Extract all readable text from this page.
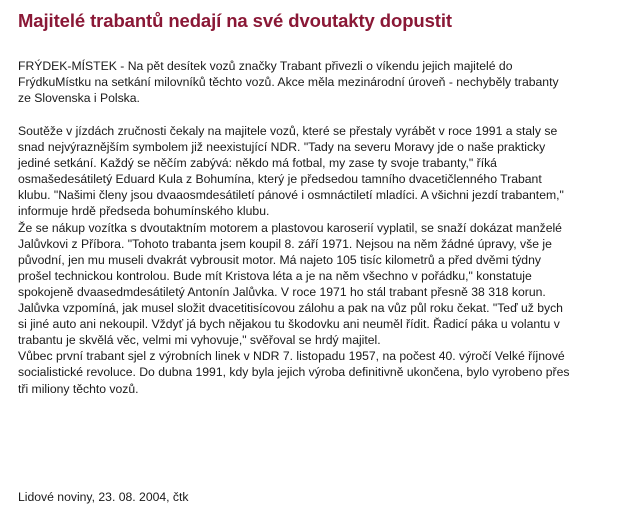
Majitelé trabantů nedají na své dvoutakty dopustit

FRÝDEK-MÍSTEK - Na pět desítek vozů značky Trabant přivezli o víkendu jejich majitelé do
FrýdkuMístku na setkání milovníků těchto vozů. Akce měla mezinárodní úroveň - nechyběly trabanty
ze Slovenska i Polska.

Soutěže v jízdách zručnosti čekaly na majitele vozů, které se přestaly vyrábět v roce 1991 a staly se
snad nejvýraznějším symbolem již neexistující NDR. "Tady na severu Moravy jde o naše prakticky
jediné setkání. Každý se něčím zabývá: někdo má fotbal, my zase ty svoje trabanty," říká
osmašedesátiletý Eduard Kula z Bohumína, který je předsedou tamního dvacetičlenného Trabant
klubu. "Našimi členy jsou dvaaosmdesátiletí pánové i osmnáctiletí mladíci. A všichni jezdí trabantem,"
informuje hrdě předseda bohumínského klubu.
Že se nákup vozítka s dvoutaktním motorem a plastovou karoserií vyplatil, se snaží dokázat manželé
Jalůvkovi z Příbora. "Tohoto trabanta jsem koupil 8. září 1971. Nejsou na něm žádné úpravy, vše je
původní, jen mu museli dvakrát vybrousit motor. Má najeto 105 tisíc kilometrů a před dvěmi týdny
prošel technickou kontrolou. Bude mít Kristova léta a je na něm všechno v pořádku," konstatuje
spokojeně dvaasedmdesátiletý Antonín Jalůvka. V roce 1971 ho stál trabant přesně 38 318 korun.
Jalůvka vzpomíná, jak musel složit dvacetitisícovou zálohu a pak na vůz půl roku čekat. "Teď už bych
si jiné auto ani nekoupil. Vždyť já bych nějakou tu škodovku ani neuměl řídit. Řadicí páka u volantu v
trabantu je skvělá věc, velmi mi vyhovuje," svěřoval se hrdý majitel.
Vůbec první trabant sjel z výrobních linek v NDR 7. listopadu 1957, na počest 40. výročí Velké říjnové
socialistické revoluce. Do dubna 1991, kdy byla jejich výroba definitivně ukončena, bylo vyrobeno přes
tři miliony těchto vozů.

Lidové noviny, 23. 08. 2004, čtk
